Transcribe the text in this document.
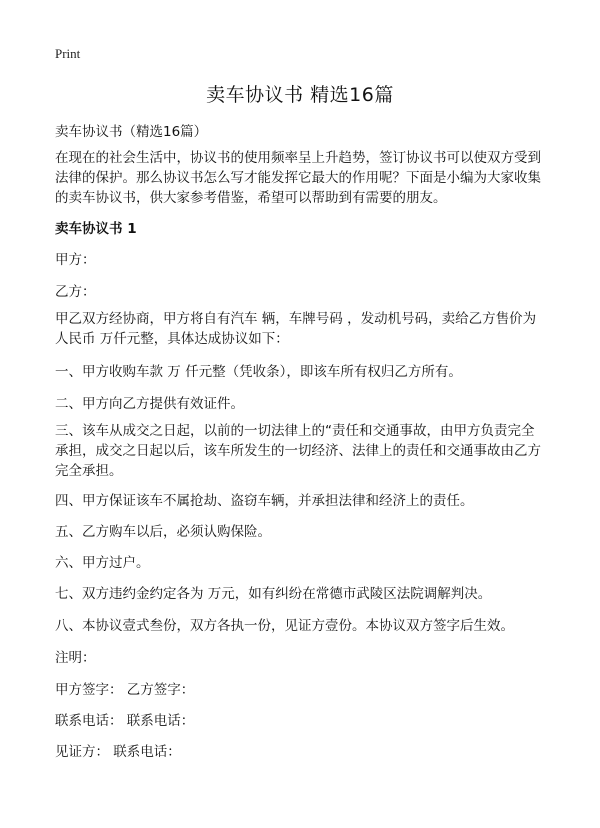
Print
卖车协议书 精选16篇
卖车协议书（精选16篇）
在现在的社会生活中，协议书的使用频率呈上升趋势，签订协议书可以使双方受到
法律的保护。那么协议书怎么写才能发挥它最大的作用呢？下面是小编为大家收集
的卖车协议书，供大家参考借鉴，希望可以帮助到有需要的朋友。
卖车协议书 1
甲方：
乙方：
甲乙双方经协商，甲方将自有汽车 辆，车牌号码 ，发动机号码，卖给乙方售价为
人民币 万仟元整，具体达成协议如下：
一、甲方收购车款 万 仟元整（凭收条），即该车所有权归乙方所有。
二、甲方向乙方提供有效证件。
三、该车从成交之日起，以前的一切法律上的“责任和交通事故，由甲方负责完全
承担，成交之日起以后，该车所发生的一切经济、法律上的责任和交通事故由乙方
完全承担。
四、甲方保证该车不属抢劫、盗窃车辆，并承担法律和经济上的责任。
五、乙方购车以后，必须认购保险。
六、甲方过户。
七、双方违约金约定各为 万元，如有纠纷在常德市武陵区法院调解判决。
八、本协议壹式叁份，双方各执一份，见证方壹份。本协议双方签字后生效。
注明：
甲方签字： 乙方签字：
联系电话： 联系电话：
见证方： 联系电话：
